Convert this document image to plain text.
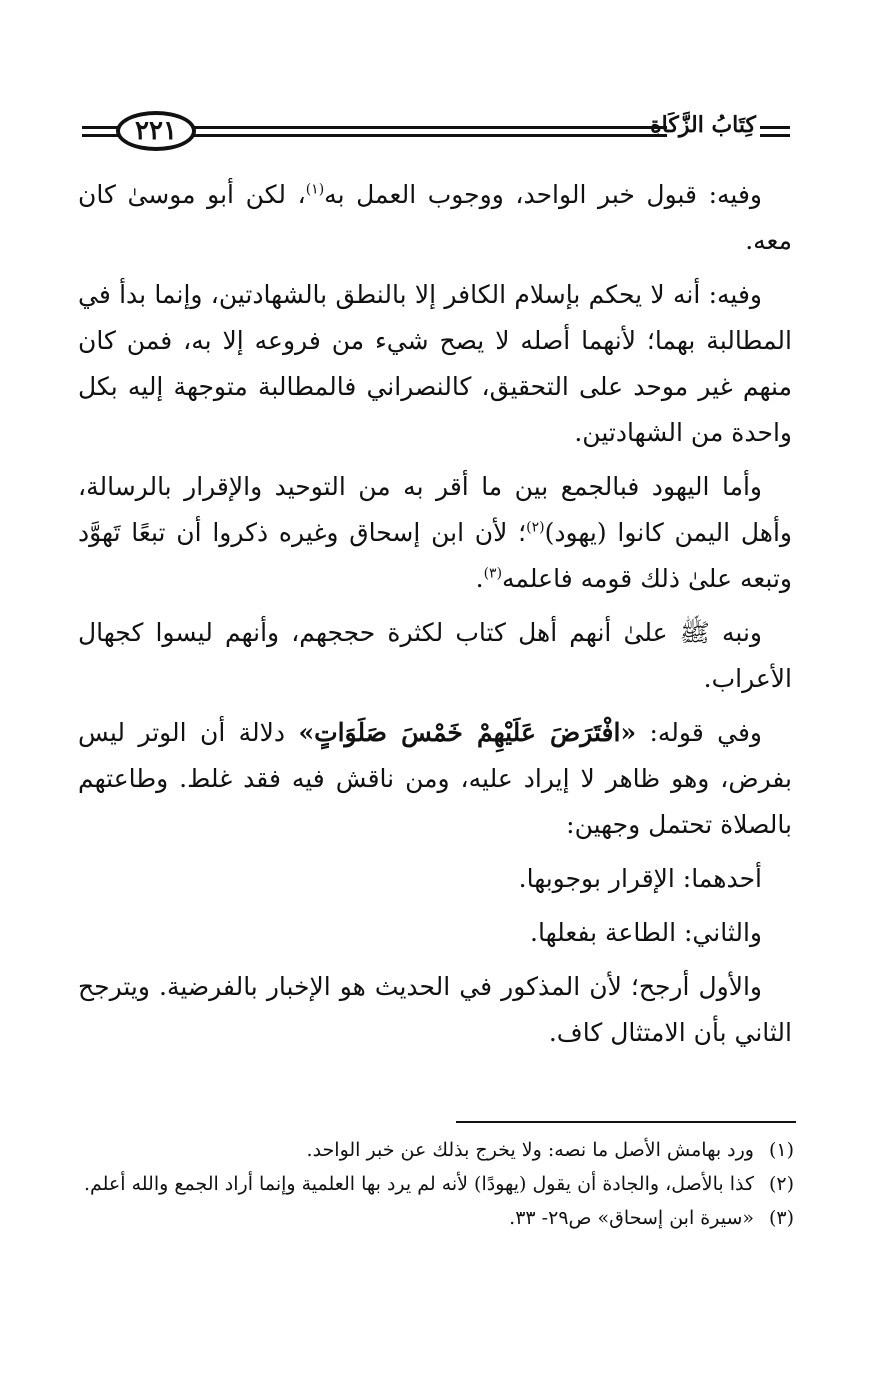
٢٢١	كِتَابُ الزَّكَاةِ

وفيه: قبول خبر الواحد، ووجوب العمل به$^{(١)}$، لكن أبو موسىٰ كان معه.

وفيه: أنه لا يحكم بإسلام الكافر إلا بالنطق بالشهادتين، وإنما بدأ في المطالبة بهما؛ لأنهما أصله لا يصح شيء من فروعه إلا به، فمن كان منهم غير موحد على التحقيق، كالنصراني فالمطالبة متوجهة إليه بكل واحدة من الشهادتين.

وأما اليهود فبالجمع بين ما أقر به من التوحيد والإقرار بالرسالة، وأهل اليمن كانوا (يهود)$^{(٢)}$؛ لأن ابن إسحاق وغيره ذكروا أن تبعًا تَهوَّد وتبعه علىٰ ذلك قومه فاعلمه$^{(٣)}$.

ونبه ﷺ علىٰ أنهم أهل كتاب لكثرة حججهم، وأنهم ليسوا كجهال الأعراب.

وفي قوله: «افْتَرَضَ عَلَيْهِمْ خَمْسَ صَلَوَاتٍ» دلالة أن الوتر ليس بفرض، وهو ظاهر لا إيراد عليه، ومن ناقش فيه فقد غلط. وطاعتهم بالصلاة تحتمل وجهين:

أحدهما: الإقرار بوجوبها.

والثاني: الطاعة بفعلها.

والأول أرجح؛ لأن المذكور في الحديث هو الإخبار بالفرضية. ويترجح الثاني بأن الامتثال كاف.

(١)
ورد بهامش الأصل ما نصه: ولا يخرج بذلك عن خبر الواحد.
(٢)
كذا بالأصل، والجادة أن يقول (يهودًا) لأنه لم يرد بها العلمية وإنما أراد الجمع والله أعلم.
(٣)
«سيرة ابن إسحاق» ص٢٩- ٣٣.
